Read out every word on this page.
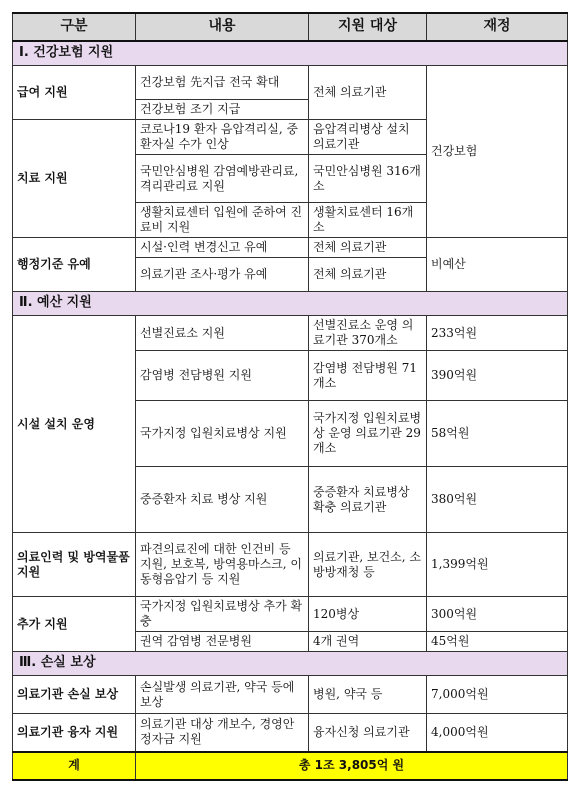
구분	내용	지원 대상	재정
Ⅰ. 건강보험 지원			
급여 지원	건강보험 先지급 전국 확대	전체 의료기관	건강보험
	건강보험 조기 지급		
치료 지원	코로나19 환자 음압격리실, 중환자실 수가 인상	음압격리병상 설치 의료기관	
	국민안심병원 감염예방관리료, 격리관리료 지원	국민안심병원 316개소	
	생활치료센터 입원에 준하여 진료비 지원	생활치료센터 16개소	
행정기준 유예	시설·인력 변경신고 유예	전체 의료기관	비예산
	의료기관 조사·평가 유예	전체 의료기관	
Ⅱ. 예산 지원			
시설 설치 운영	선별진료소 지원	선별진료소 운영 의료기관 370개소	233억원
	감염병 전담병원 지원	감염병 전담병원 71개소	390억원
	국가지정 입원치료병상 지원	국가지정 입원치료병상 운영 의료기관 29개소	58억원
	중증환자 치료 병상 지원	중증환자 치료병상 확충 의료기관	380억원
의료인력 및 방역물품 지원	파견의료진에 대한 인건비 등 지원, 보호복, 방역용마스크, 이동형음압기 등 지원	의료기관, 보건소, 소방방재청 등	1,399억원
추가 지원	국가지정 입원치료병상 추가 확충	120병상	300억원
	권역 감염병 전문병원	4개 권역	45억원
Ⅲ. 손실 보상			
의료기관 손실 보상	손실발생 의료기관, 약국 등에 보상	병원, 약국 등	7,000억원
의료기관 융자 지원	의료기관 대상 개보수, 경영안정자금 지원	융자신청 의료기관	4,000억원
계	총 1조 3,805억 원		
